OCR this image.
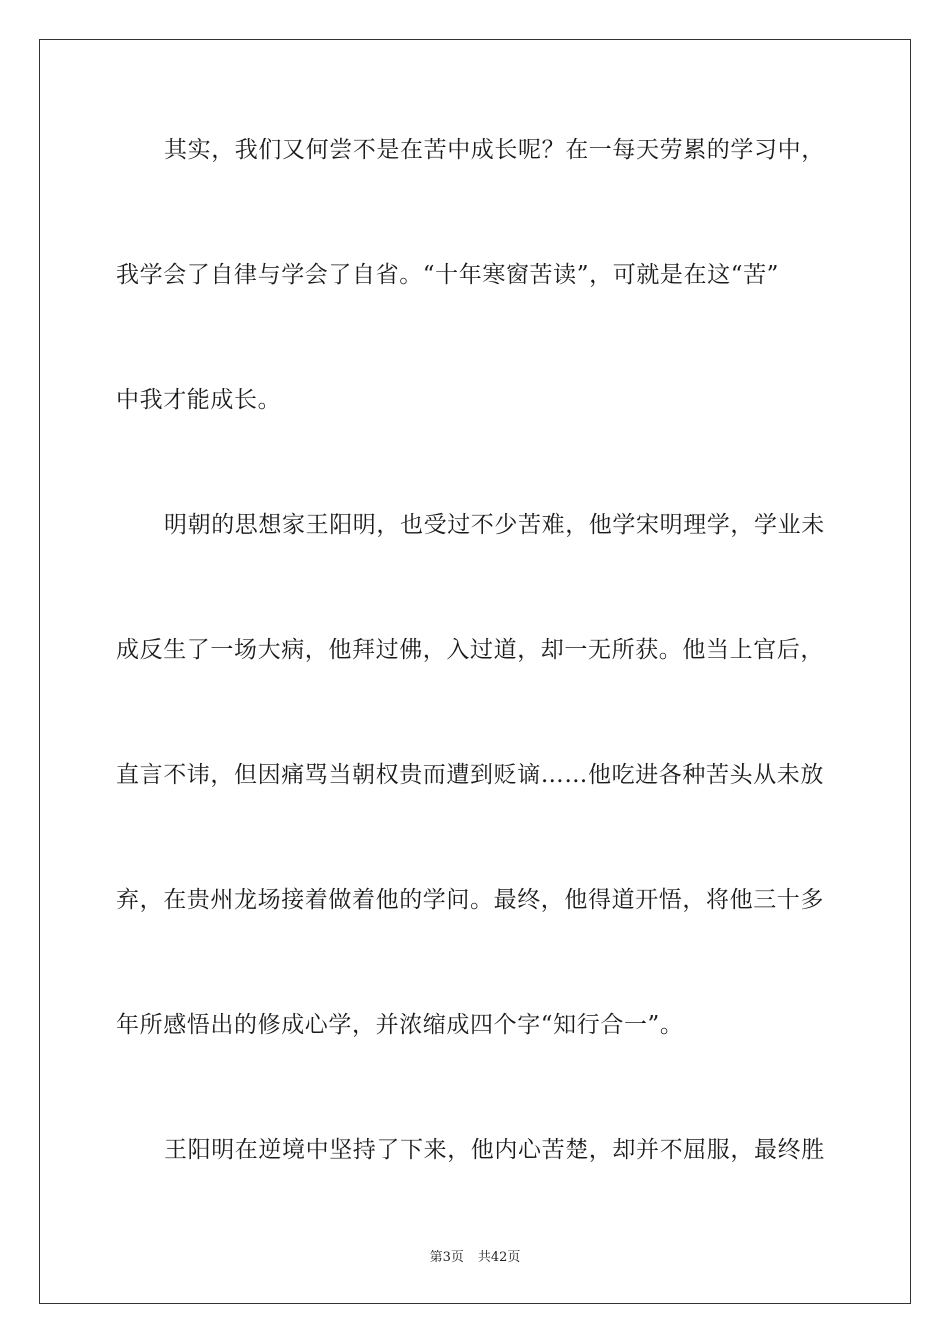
其实，我们又何尝不是在苦中成长呢？在一每天劳累的学习中，
我学会了自律与学会了自省。“十年寒窗苦读”，可就是在这“苦”
中我才能成长。
明朝的思想家王阳明，也受过不少苦难，他学宋明理学，学业未
成反生了一场大病，他拜过佛，入过道，却一无所获。他当上官后，
直言不讳，但因痛骂当朝权贵而遭到贬谪……他吃进各种苦头从未放
弃，在贵州龙场接着做着他的学问。最终，他得道开悟，将他三十多
年所感悟出的修成心学，并浓缩成四个字“知行合一”。
王阳明在逆境中坚持了下来，他内心苦楚，却并不屈服，最终胜
第3页 共42页
